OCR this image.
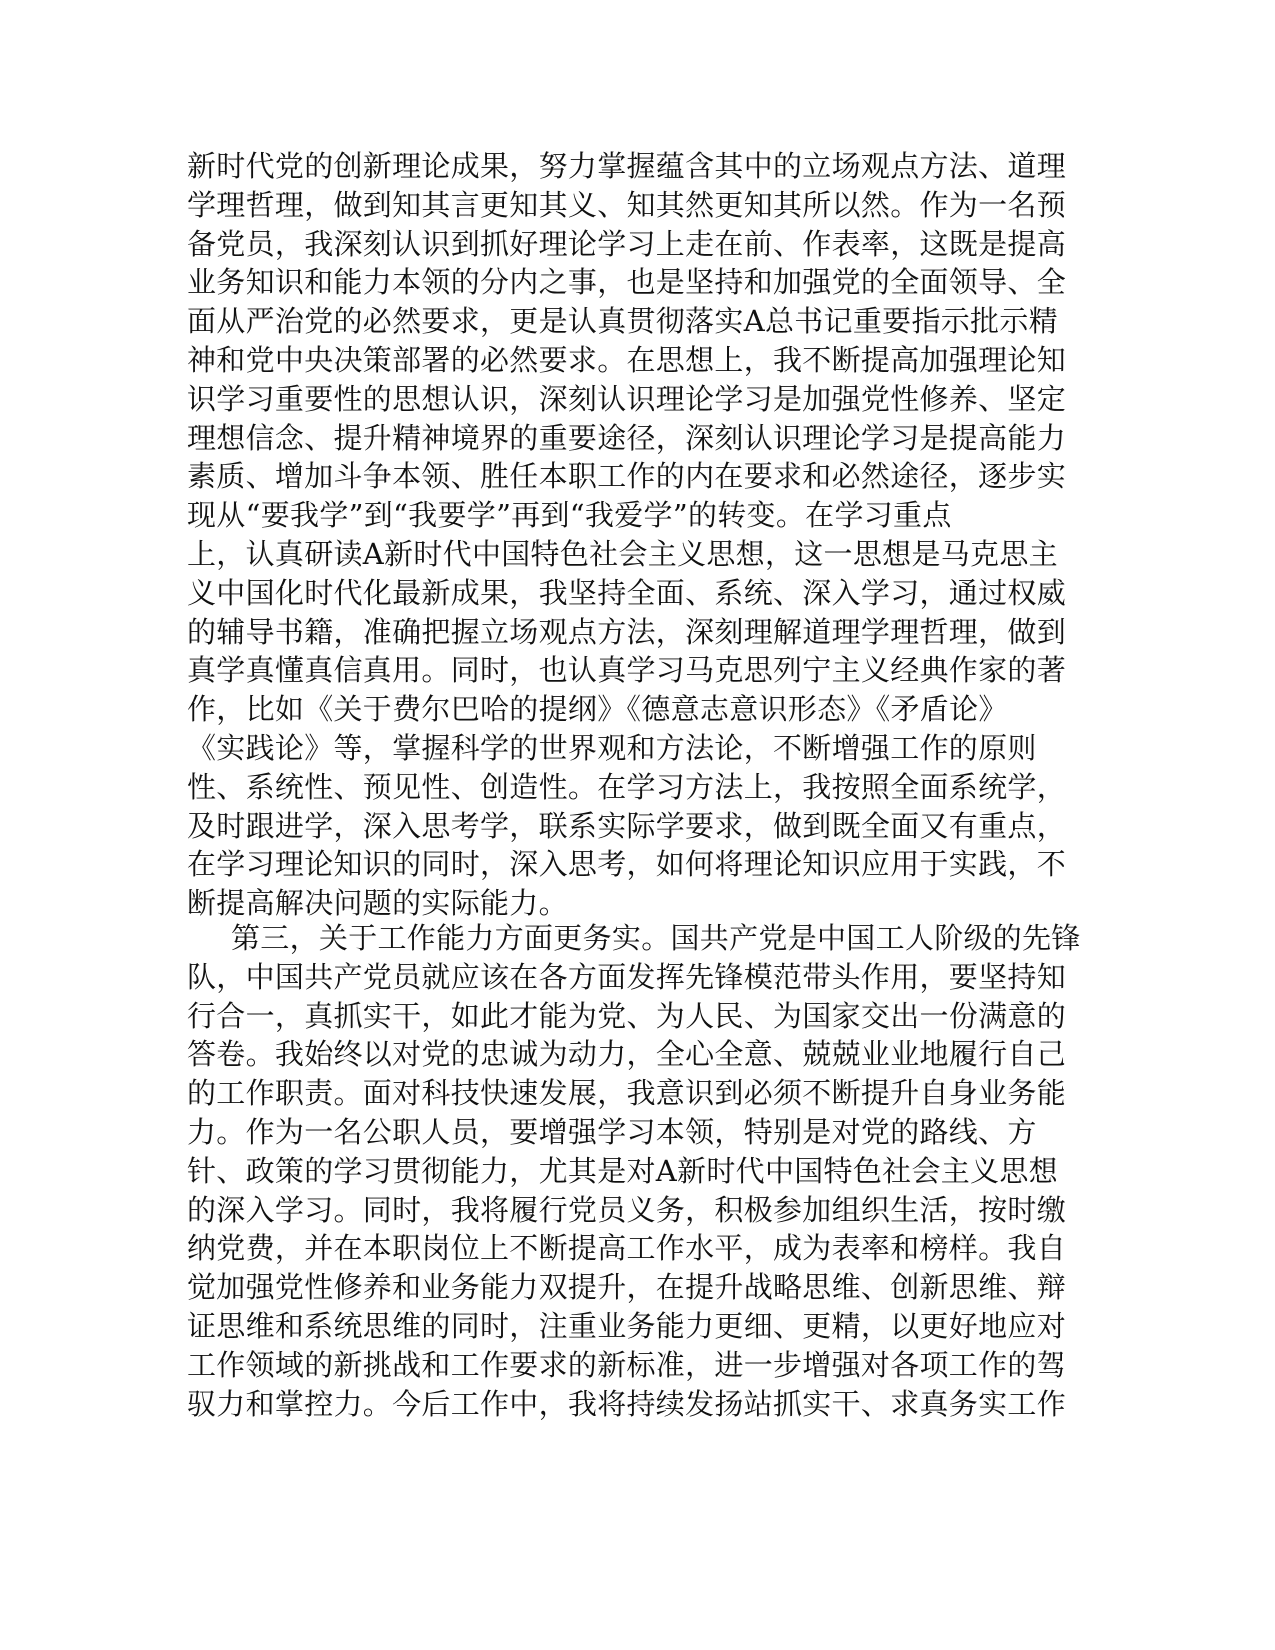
新时代党的创新理论成果，努力掌握蕴含其中的立场观点方法、道理
学理哲理，做到知其言更知其义、知其然更知其所以然。作为一名预
备党员，我深刻认识到抓好理论学习上走在前、作表率，这既是提高
业务知识和能力本领的分内之事，也是坚持和加强党的全面领导、全
面从严治党的必然要求，更是认真贯彻落实A总书记重要指示批示精
神和党中央决策部署的必然要求。在思想上，我不断提高加强理论知
识学习重要性的思想认识，深刻认识理论学习是加强党性修养、坚定
理想信念、提升精神境界的重要途径，深刻认识理论学习是提高能力
素质、增加斗争本领、胜任本职工作的内在要求和必然途径，逐步实
现从“要我学”到“我要学”再到“我爱学”的转变。在学习重点
上，认真研读A新时代中国特色社会主义思想，这一思想是马克思主
义中国化时代化最新成果，我坚持全面、系统、深入学习，通过权威
的辅导书籍，准确把握立场观点方法，深刻理解道理学理哲理，做到
真学真懂真信真用。同时，也认真学习马克思列宁主义经典作家的著
作，比如《关于费尔巴哈的提纲》《德意志意识形态》《矛盾论》
《实践论》等，掌握科学的世界观和方法论，不断增强工作的原则
性、系统性、预见性、创造性。在学习方法上，我按照全面系统学，
及时跟进学，深入思考学，联系实际学要求，做到既全面又有重点，
在学习理论知识的同时，深入思考，如何将理论知识应用于实践，不
断提高解决问题的实际能力。
第三，关于工作能力方面更务实。国共产党是中国工人阶级的先锋
队，中国共产党员就应该在各方面发挥先锋模范带头作用，要坚持知
行合一，真抓实干，如此才能为党、为人民、为国家交出一份满意的
答卷。我始终以对党的忠诚为动力，全心全意、兢兢业业地履行自己
的工作职责。面对科技快速发展，我意识到必须不断提升自身业务能
力。作为一名公职人员，要增强学习本领，特别是对党的路线、方
针、政策的学习贯彻能力，尤其是对A新时代中国特色社会主义思想
的深入学习。同时，我将履行党员义务，积极参加组织生活，按时缴
纳党费，并在本职岗位上不断提高工作水平，成为表率和榜样。我自
觉加强党性修养和业务能力双提升，在提升战略思维、创新思维、辩
证思维和系统思维的同时，注重业务能力更细、更精，以更好地应对
工作领域的新挑战和工作要求的新标准，进一步增强对各项工作的驾
驭力和掌控力。今后工作中，我将持续发扬站抓实干、求真务实工作
